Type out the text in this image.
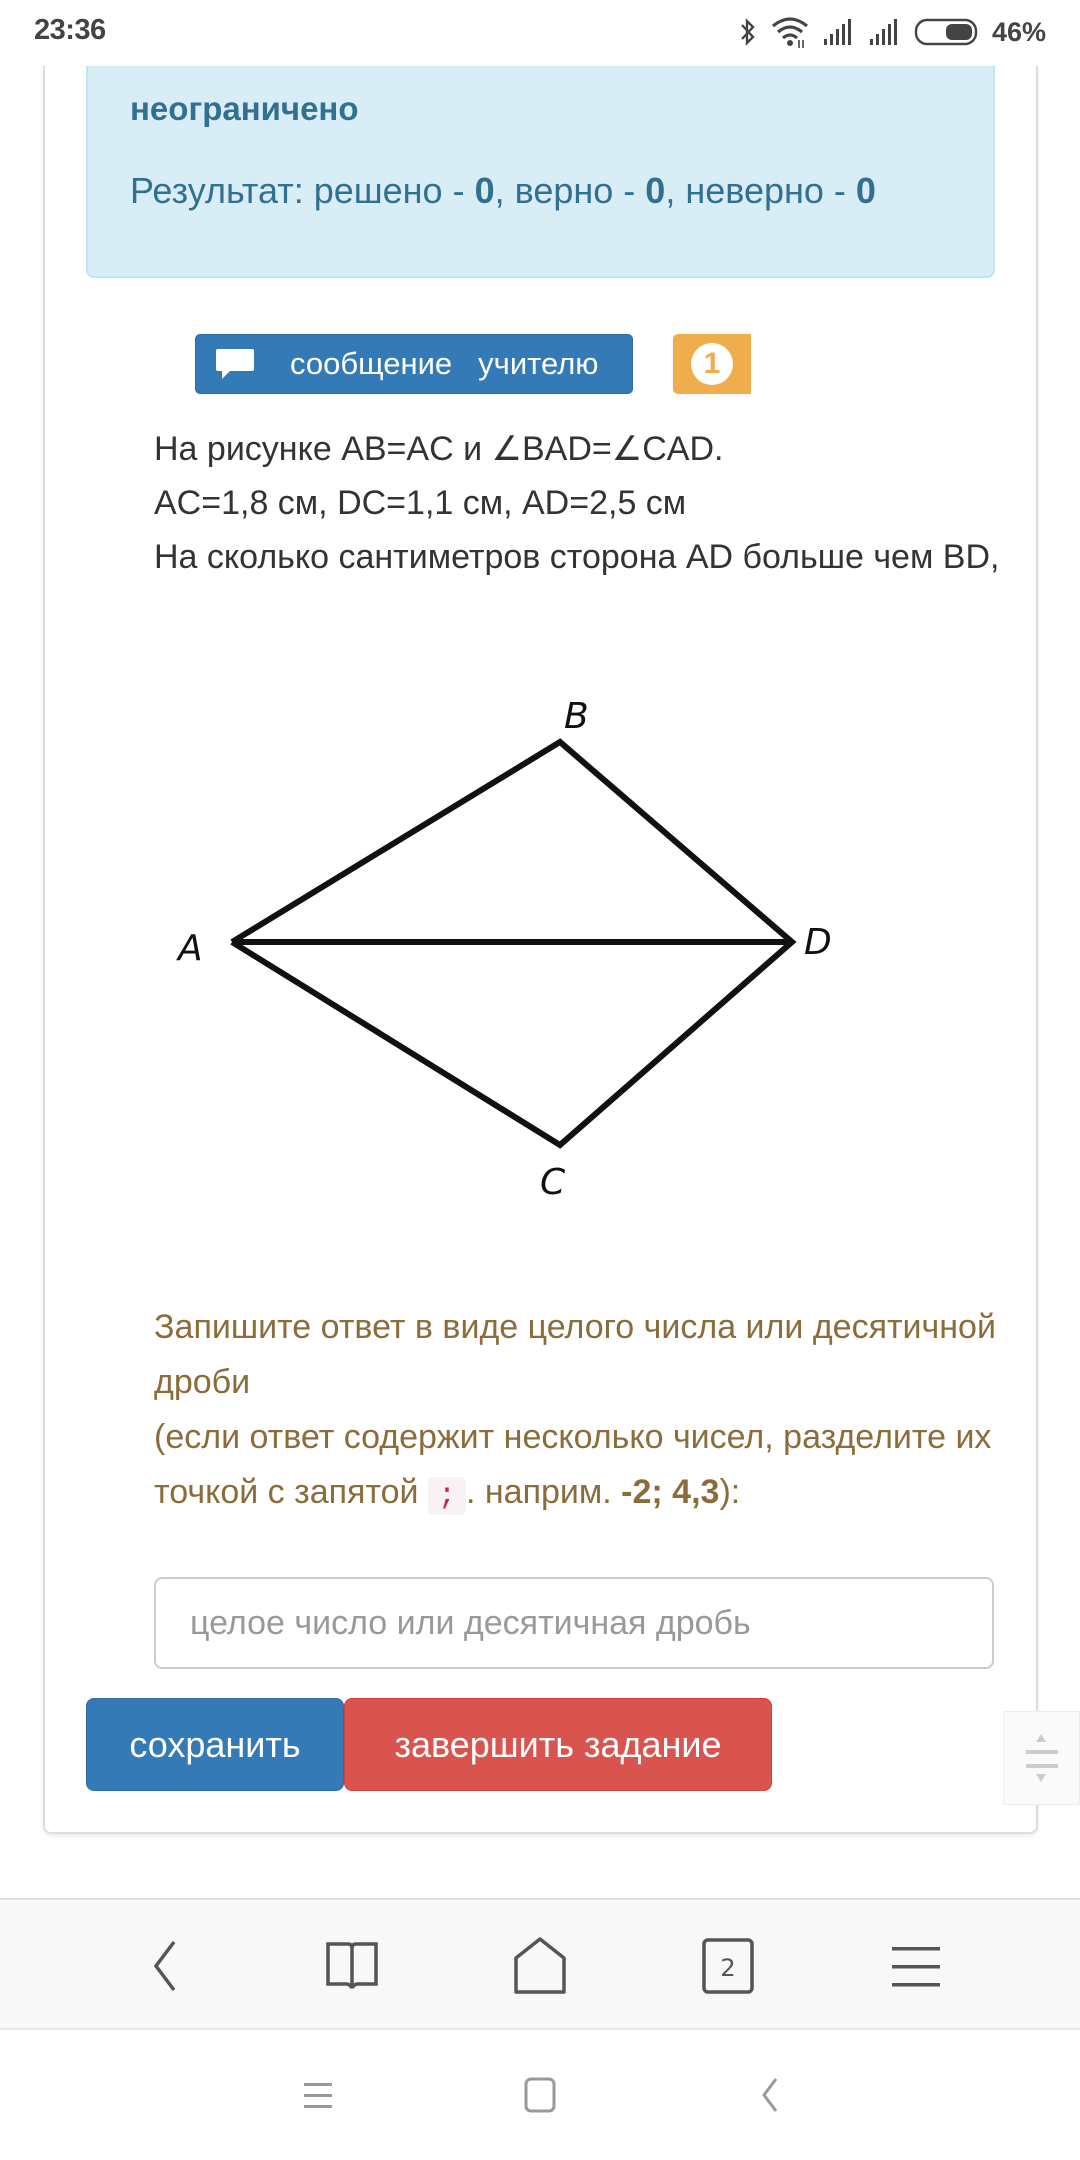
23:36	46%
неограничено
Результат: решено - 0, верно - 0, неверно - 0
сообщение учителю	1
На рисунке AB=AC и ∠BAD=∠CAD.
AC=1,8 см, DC=1,1 см, AD=2,5 см
На сколько сантиметров сторона AD больше чем BD,
A
B
D
C
Запишите ответ в виде целого числа или десятичной дроби
(если ответ содержит несколько чисел, разделите их точкой с запятой ; . наприм. -2; 4,3):
целое число или десятичная дробь
сохранить	завершить задание
2
